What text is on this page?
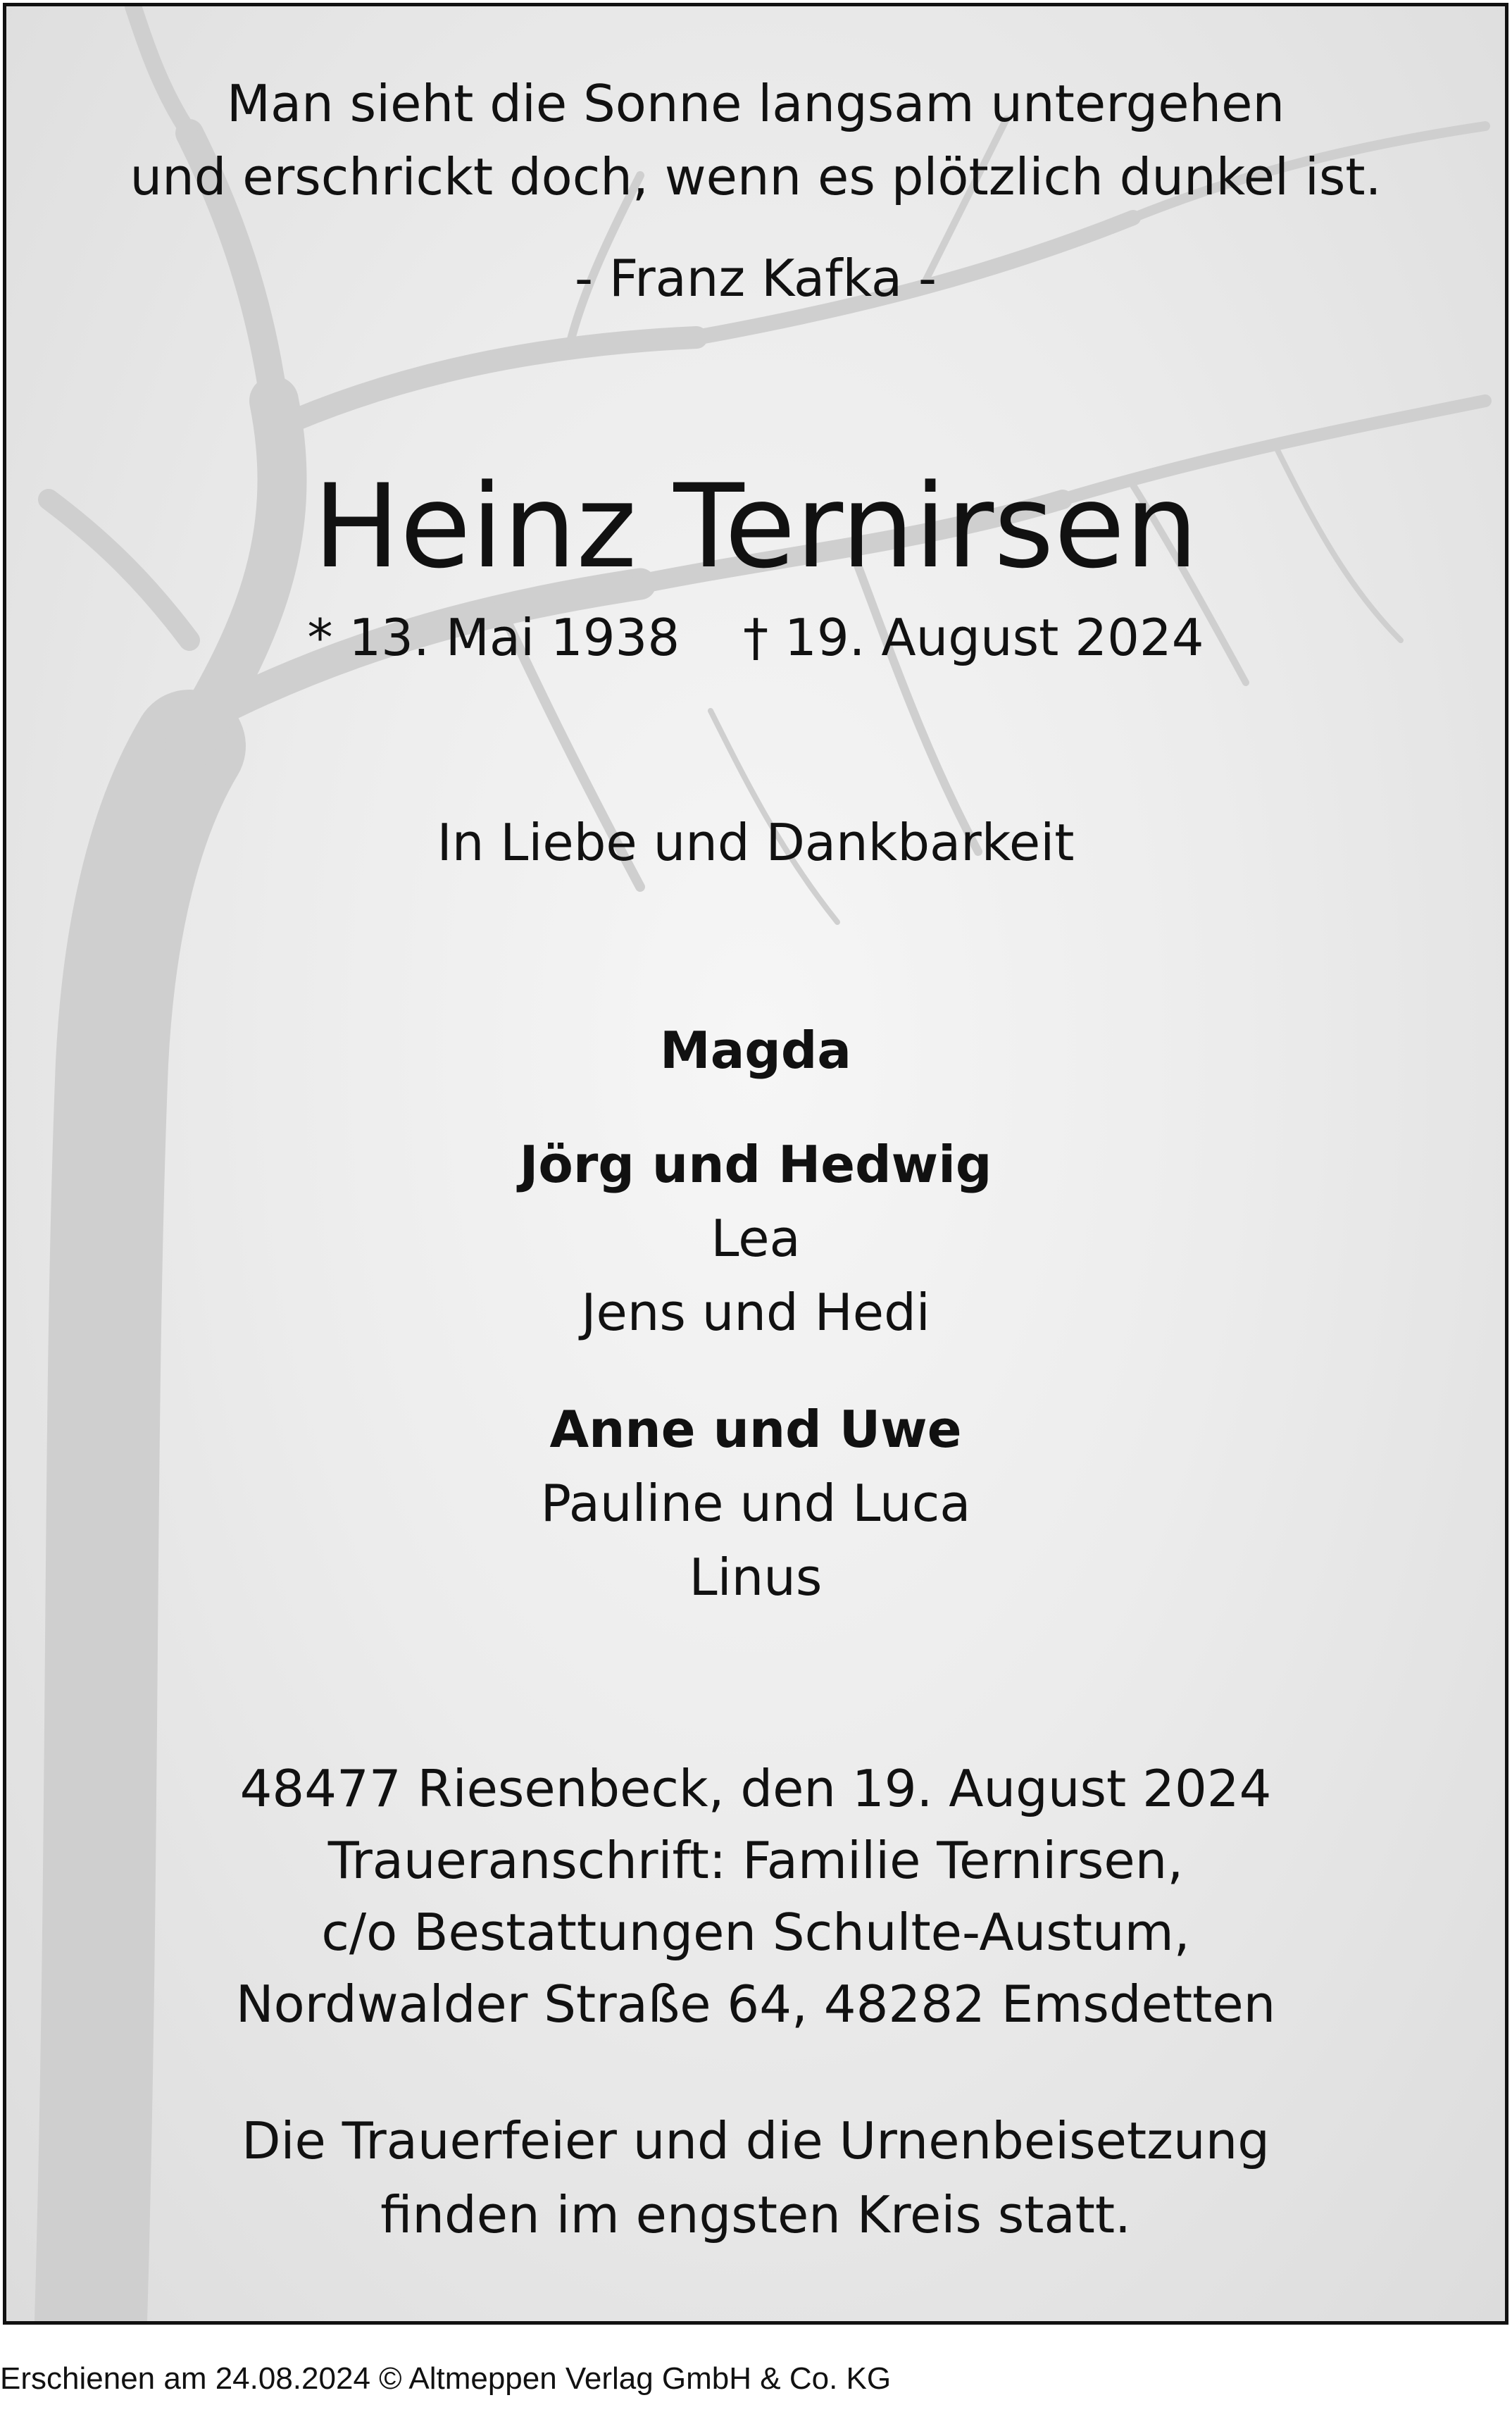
Man sieht die Sonne langsam untergehen
und erschrickt doch, wenn es plötzlich dunkel ist.
- Franz Kafka -
Heinz Ternirsen
* 13. Mai 1938 † 19. August 2024
In Liebe und Dankbarkeit
Magda
Jörg und Hedwig
Lea
Jens und Hedi
Anne und Uwe
Pauline und Luca
Linus
48477 Riesenbeck, den 19. August 2024
Traueranschrift: Familie Ternirsen,
c/o Bestattungen Schulte-Austum,
Nordwalder Straße 64, 48282 Emsdetten
Die Trauerfeier und die Urnenbeisetzung
finden im engsten Kreis statt.
Erschienen am 24.08.2024 © Altmeppen Verlag GmbH & Co. KG
